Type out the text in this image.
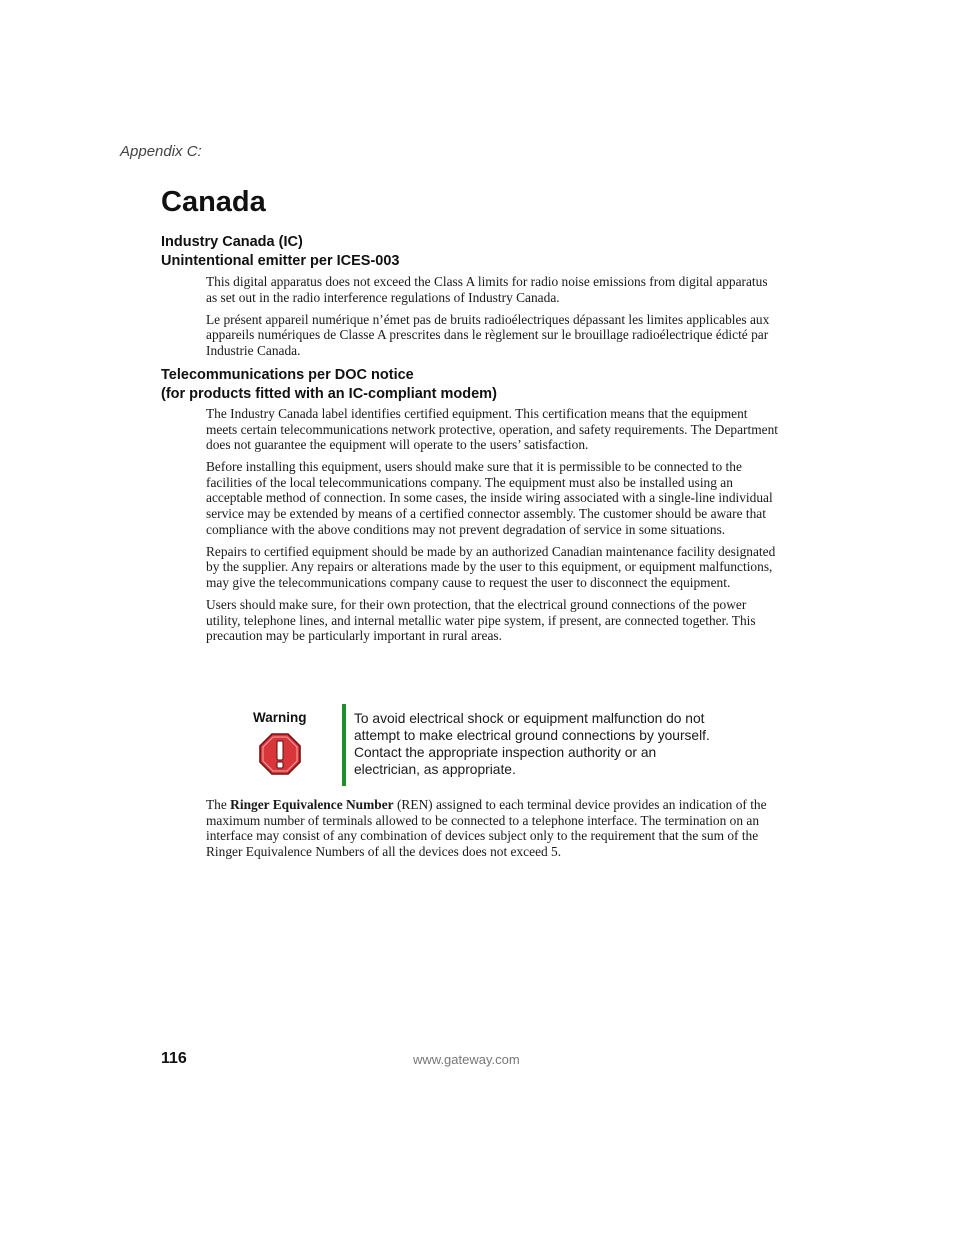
Appendix C:
Canada
Industry Canada (IC)
Unintentional emitter per ICES-003

This digital apparatus does not exceed the Class A limits for radio noise emissions from digital apparatus as set out in the radio interference regulations of Industry Canada.

Le présent appareil numérique n’émet pas de bruits radioélectriques dépassant les limites applicables aux appareils numériques de Classe A prescrites dans le règlement sur le brouillage radioélectrique édicté par Industrie Canada.

Telecommunications per DOC notice
(for products fitted with an IC-compliant modem)

The Industry Canada label identifies certified equipment. This certification means that the equipment meets certain telecommunications network protective, operation, and safety requirements. The Department does not guarantee the equipment will operate to the users’ satisfaction.

Before installing this equipment, users should make sure that it is permissible to be connected to the facilities of the local telecommunications company. The equipment must also be installed using an acceptable method of connection. In some cases, the inside wiring associated with a single-line individual service may be extended by means of a certified connector assembly. The customer should be aware that compliance with the above conditions may not prevent degradation of service in some situations.

Repairs to certified equipment should be made by an authorized Canadian maintenance facility designated by the supplier. Any repairs or alterations made by the user to this equipment, or equipment malfunctions, may give the telecommunications company cause to request the user to disconnect the equipment.

Users should make sure, for their own protection, that the electrical ground connections of the power utility, telephone lines, and internal metallic water pipe system, if present, are connected together. This precaution may be particularly important in rural areas.

Warning	To avoid electrical shock or equipment malfunction do not attempt to make electrical ground connections by yourself. Contact the appropriate inspection authority or an electrician, as appropriate.

The Ringer Equivalence Number (REN) assigned to each terminal device provides an indication of the maximum number of terminals allowed to be connected to a telephone interface. The termination on an interface may consist of any combination of devices subject only to the requirement that the sum of the Ringer Equivalence Numbers of all the devices does not exceed 5.

116	www.gateway.com
